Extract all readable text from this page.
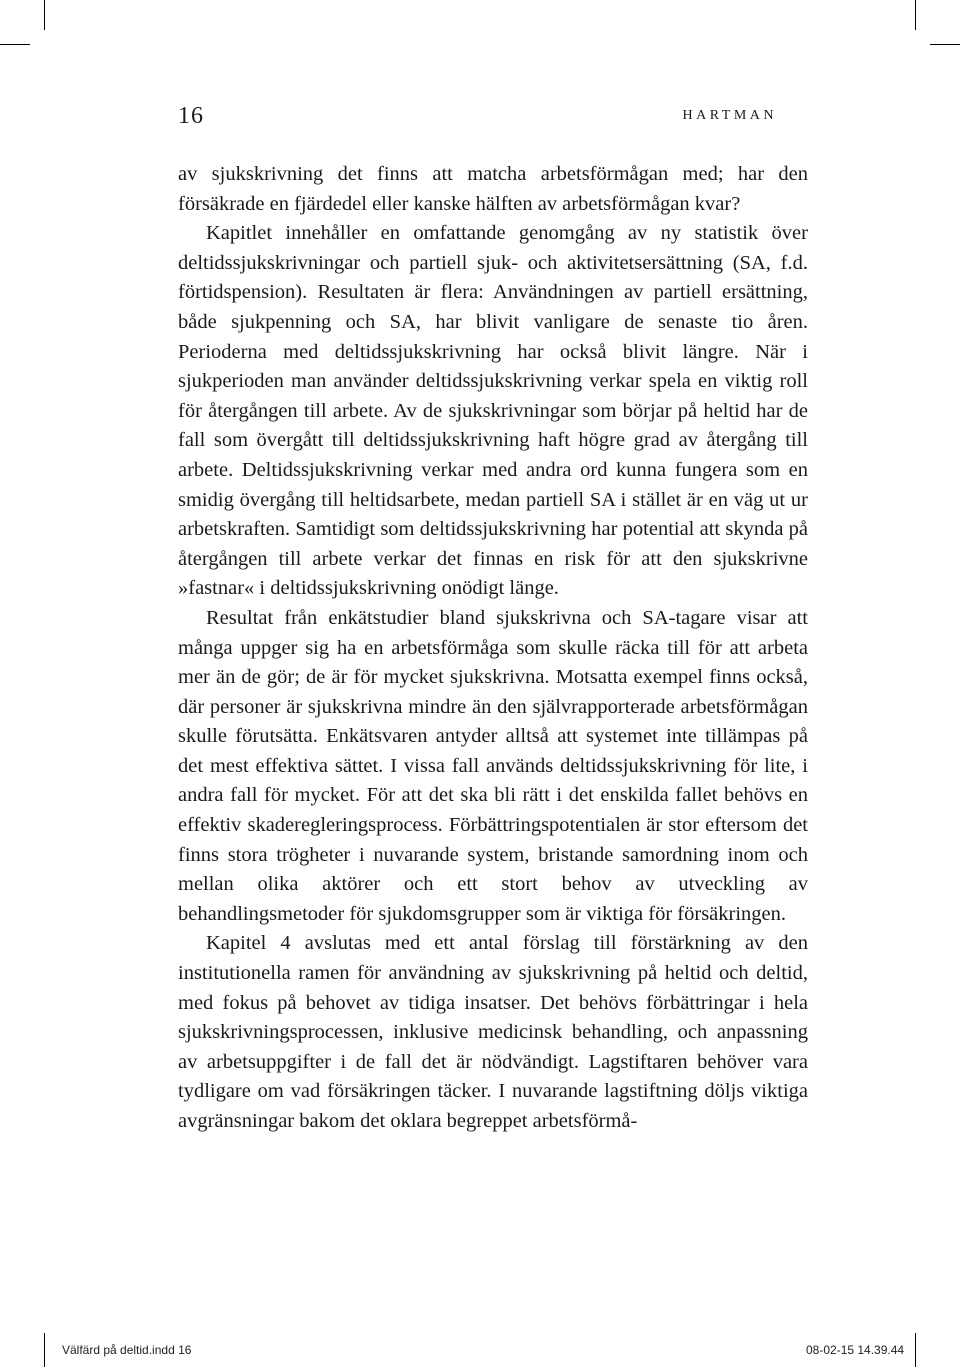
16	HARTMAN

av sjukskrivning det finns att matcha arbetsförmågan med; har den försäkrade en fjärdedel eller kanske hälften av arbetsförmågan kvar?

Kapitlet innehåller en omfattande genomgång av ny statistik över deltidssjukskrivningar och partiell sjuk- och aktivitetsersättning (SA, f.d. förtidspension). Resultaten är flera: Användningen av partiell ersättning, både sjukpenning och SA, har blivit vanligare de senaste tio åren. Perioderna med deltidssjukskrivning har också blivit längre. När i sjukperioden man använder deltidssjukskrivning verkar spela en viktig roll för återgången till arbete. Av de sjukskrivningar som börjar på heltid har de fall som övergått till deltidssjukskrivning haft högre grad av återgång till arbete. Deltidssjukskrivning verkar med andra ord kunna fungera som en smidig övergång till heltidsarbete, medan partiell SA i stället är en väg ut ur arbetskraften. Samtidigt som deltidssjukskrivning har potential att skynda på återgången till arbete verkar det finnas en risk för att den sjukskrivne »fastnar« i deltidssjukskrivning onödigt länge.

Resultat från enkätstudier bland sjukskrivna och SA-tagare visar att många uppger sig ha en arbetsförmåga som skulle räcka till för att arbeta mer än de gör; de är för mycket sjukskrivna. Motsatta exempel finns också, där personer är sjukskrivna mindre än den självrapporterade arbetsförmågan skulle förutsätta. Enkätsvaren antyder alltså att systemet inte tillämpas på det mest effektiva sättet. I vissa fall används deltidssjukskrivning för lite, i andra fall för mycket. För att det ska bli rätt i det enskilda fallet behövs en effektiv skaderegleringsprocess. Förbättringspotentialen är stor eftersom det finns stora trögheter i nuvarande system, bristande samordning inom och mellan olika aktörer och ett stort behov av utveckling av behandlingsmetoder för sjukdomsgrupper som är viktiga för försäkringen.

Kapitel 4 avslutas med ett antal förslag till förstärkning av den institutionella ramen för användning av sjukskrivning på heltid och deltid, med fokus på behovet av tidiga insatser. Det behövs förbättringar i hela sjukskrivningsprocessen, inklusive medicinsk behandling, och anpassning av arbetsuppgifter i de fall det är nödvändigt. Lagstiftaren behöver vara tydligare om vad försäkringen täcker. I nuvarande lagstiftning döljs viktiga avgränsningar bakom det oklara begreppet arbetsförmå-

Välfärd på deltid.indd 16	08-02-15 14.39.44
